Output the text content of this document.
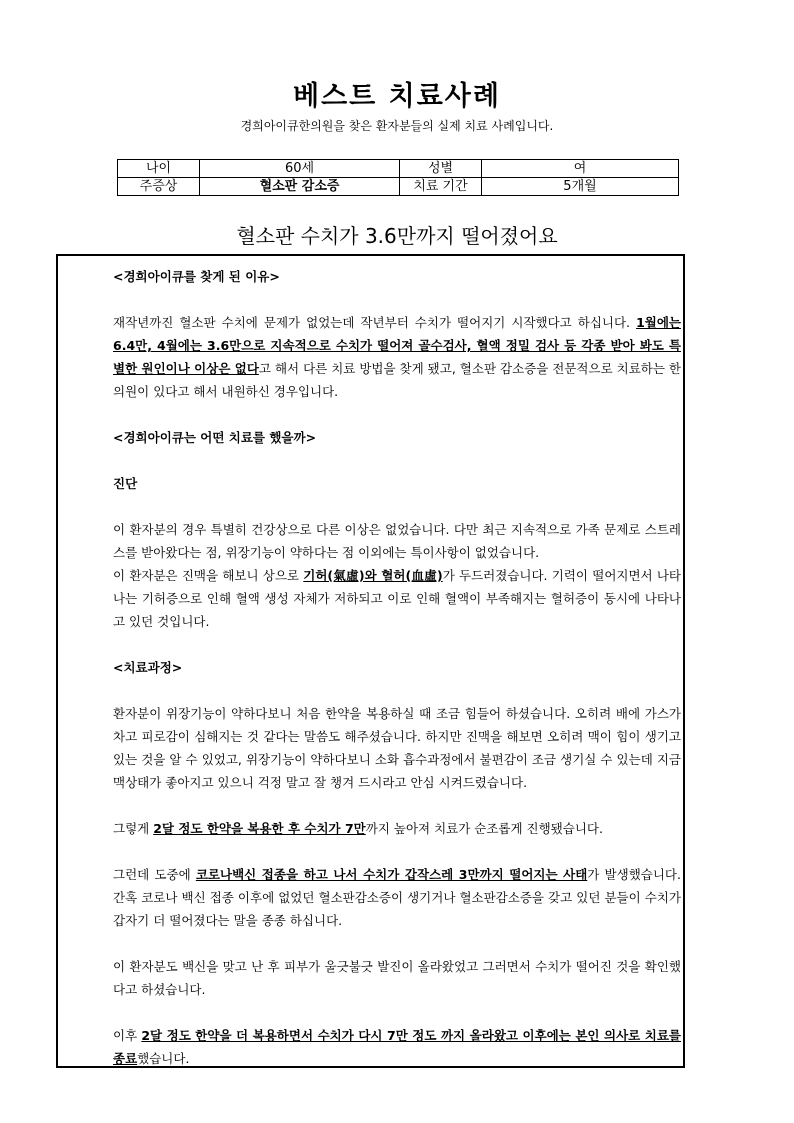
베스트 치료사례
경희아이큐한의원을 찾은 환자분들의 실제 치료 사례입니다.
나이	60세	성별	여
주증상	혈소판 감소증	치료 기간	5개월
혈소판 수치가 3.6만까지 떨어졌어요

<경희아이큐를 찾게 된 이유>

재작년까진 혈소판 수치에 문제가 없었는데 작년부터 수치가 떨어지기 시작했다고 하십니다. 1월에는 6.4만, 4월에는 3.6만으로 지속적으로 수치가 떨어져 골수검사, 혈액 정밀 검사 등 각종 받아 봐도 특별한 원인이나 이상은 없다고 해서 다른 치료 방법을 찾게 됐고, 혈소판 감소증을 전문적으로 치료하는 한의원이 있다고 해서 내원하신 경우입니다.

<경희아이큐는 어떤 치료를 했을까>

진단

이 환자분의 경우 특별히 건강상으로 다른 이상은 없었습니다. 다만 최근 지속적으로 가족 문제로 스트레스를 받아왔다는 점, 위장기능이 약하다는 점 이외에는 특이사항이 없었습니다.

이 환자분은 진맥을 해보니 상으로 기허(氣虛)와 혈허(血虛)가 두드러졌습니다. 기력이 떨어지면서 나타나는 기허증으로 인해 혈액 생성 자체가 저하되고 이로 인해 혈액이 부족해지는 혈허증이 동시에 나타나고 있던 것입니다.

<치료과정>

환자분이 위장기능이 약하다보니 처음 한약을 복용하실 때 조금 힘들어 하셨습니다. 오히려 배에 가스가 차고 피로감이 심해지는 것 같다는 말씀도 해주셨습니다. 하지만 진맥을 해보면 오히려 맥이 힘이 생기고 있는 것을 알 수 있었고, 위장기능이 약하다보니 소화 흡수과정에서 불편감이 조금 생기실 수 있는데 지금 맥상태가 좋아지고 있으니 걱정 말고 잘 챙겨 드시라고 안심 시켜드렸습니다.

그렇게 2달 정도 한약을 복용한 후 수치가 7만까지 높아져 치료가 순조롭게 진행됐습니다.

그런데 도중에 코로나백신 접종을 하고 나서 수치가 갑작스레 3만까지 떨어지는 사태가 발생했습니다. 간혹 코로나 백신 접종 이후에 없었던 혈소판감소증이 생기거나 혈소판감소증을 갖고 있던 분들이 수치가 갑자기 더 떨어졌다는 말을 종종 하십니다.

이 환자분도 백신을 맞고 난 후 피부가 울긋불긋 발진이 올라왔었고 그러면서 수치가 떨어진 것을 확인했다고 하셨습니다.

이후 2달 정도 한약을 더 복용하면서 수치가 다시 7만 정도 까지 올라왔고 이후에는 본인 의사로 치료를 종료했습니다.
